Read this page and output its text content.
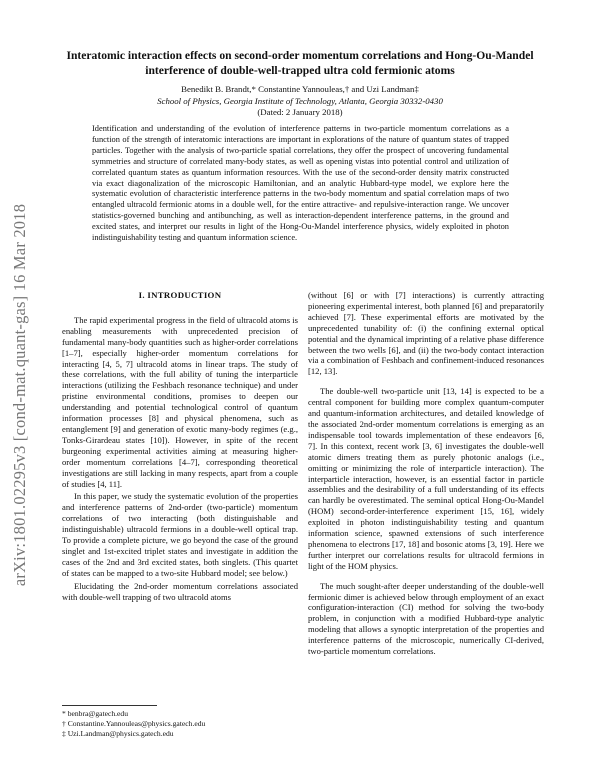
arXiv:1801.02295v3 [cond-mat.quant-gas] 16 Mar 2018
Interatomic interaction effects on second-order momentum correlations and Hong-Ou-Mandel interference of double-well-trapped ultra cold fermionic atoms
Benedikt B. Brandt,* Constantine Yannouleas,† and Uzi Landman‡
School of Physics, Georgia Institute of Technology, Atlanta, Georgia 30332-0430
(Dated: 2 January 2018)

Identification and understanding of the evolution of interference patterns in two-particle momentum correlations as a function of the strength of interatomic interactions are important in explorations of the nature of quantum states of trapped particles. Together with the analysis of two-particle spatial correlations, they offer the prospect of uncovering fundamental symmetries and structure of correlated many-body states, as well as opening vistas into potential control and utilization of correlated quantum states as quantum information resources. With the use of the second-order density matrix constructed via exact diagonalization of the microscopic Hamiltonian, and an analytic Hubbard-type model, we explore here the systematic evolution of characteristic interference patterns in the two-body momentum and spatial correlation maps of two entangled ultracold fermionic atoms in a double well, for the entire attractive- and repulsive-interaction range. We uncover statistics-governed bunching and antibunching, as well as interaction-dependent interference patterns, in the ground and excited states, and interpret our results in light of the Hong-Ou-Mandel interference physics, widely exploited in photon indistinguishability testing and quantum information science.

I. INTRODUCTION

The rapid experimental progress in the field of ultracold atoms is enabling measurements with unprecedented precision of fundamental many-body quantities such as higher-order correlations [1–7], especially higher-order momentum correlations for interacting [4, 5, 7] ultracold atoms in linear traps. The study of these correlations, with the full ability of tuning the interparticle interactions (utilizing the Feshbach resonance technique) and under pristine environmental conditions, promises to deepen our understanding and potential technological control of quantum information processes [8] and physical phenomena, such as entanglement [9] and generation of exotic many-body regimes (e.g., Tonks-Girardeau states [10]). However, in spite of the recent burgeoning experimental activities aiming at measuring higher-order momentum correlations [4–7], corresponding theoretical investigations are still lacking in many respects, apart from a couple of studies [4, 11].

In this paper, we study the systematic evolution of the properties and interference patterns of 2nd-order (two-particle) momentum correlations of two interacting (both distinguishable and indistinguishable) ultracold fermions in a double-well optical trap. To provide a complete picture, we go beyond the case of the ground singlet and 1st-excited triplet states and investigate in addition the cases of the 2nd and 3rd excited states, both singlets. (This quartet of states can be mapped to a two-site Hubbard model; see below.)

Elucidating the 2nd-order momentum correlations associated with double-well trapping of two ultracold atoms

(without [6] or with [7] interactions) is currently attracting pioneering experimental interest, both planned [6] and preparatorily achieved [7]. These experimental efforts are motivated by the unprecedented tunability of: (i) the confining external optical potential and the dynamical imprinting of a relative phase difference between the two wells [6], and (ii) the two-body contact interaction via a combination of Feshbach and confinement-induced resonances [12, 13].

The double-well two-particle unit [13, 14] is expected to be a central component for building more complex quantum-computer and quantum-information architectures, and detailed knowledge of the associated 2nd-order momentum correlations is emerging as an indispensable tool towards implementation of these endeavors [6, 7]. In this context, recent work [3, 6] investigates the double-well atomic dimers treating them as purely photonic analogs (i.e., omitting or minimizing the role of interparticle interaction). The interparticle interaction, however, is an essential factor in particle assemblies and the desirability of a full understanding of its effects can hardly be overestimated. The seminal optical Hong-Ou-Mandel (HOM) second-order-interference experiment [15, 16], widely exploited in photon indistinguishability testing and quantum information science, spawned extensions of such interference phenomena to electrons [17, 18] and bosonic atoms [3, 19]. Here we further interpret our correlations results for ultracold fermions in light of the HOM physics.

The much sought-after deeper understanding of the double-well fermionic dimer is achieved below through employment of an exact configuration-interaction (CI) method for solving the two-body problem, in conjunction with a modified Hubbard-type analytic modeling that allows a synoptic interpretation of the properties and interference patterns of the microscopic, numerically CI-derived, two-particle momentum correlations.

* benbra@gatech.edu
† Constantine.Yannouleas@physics.gatech.edu
‡ Uzi.Landman@physics.gatech.edu
